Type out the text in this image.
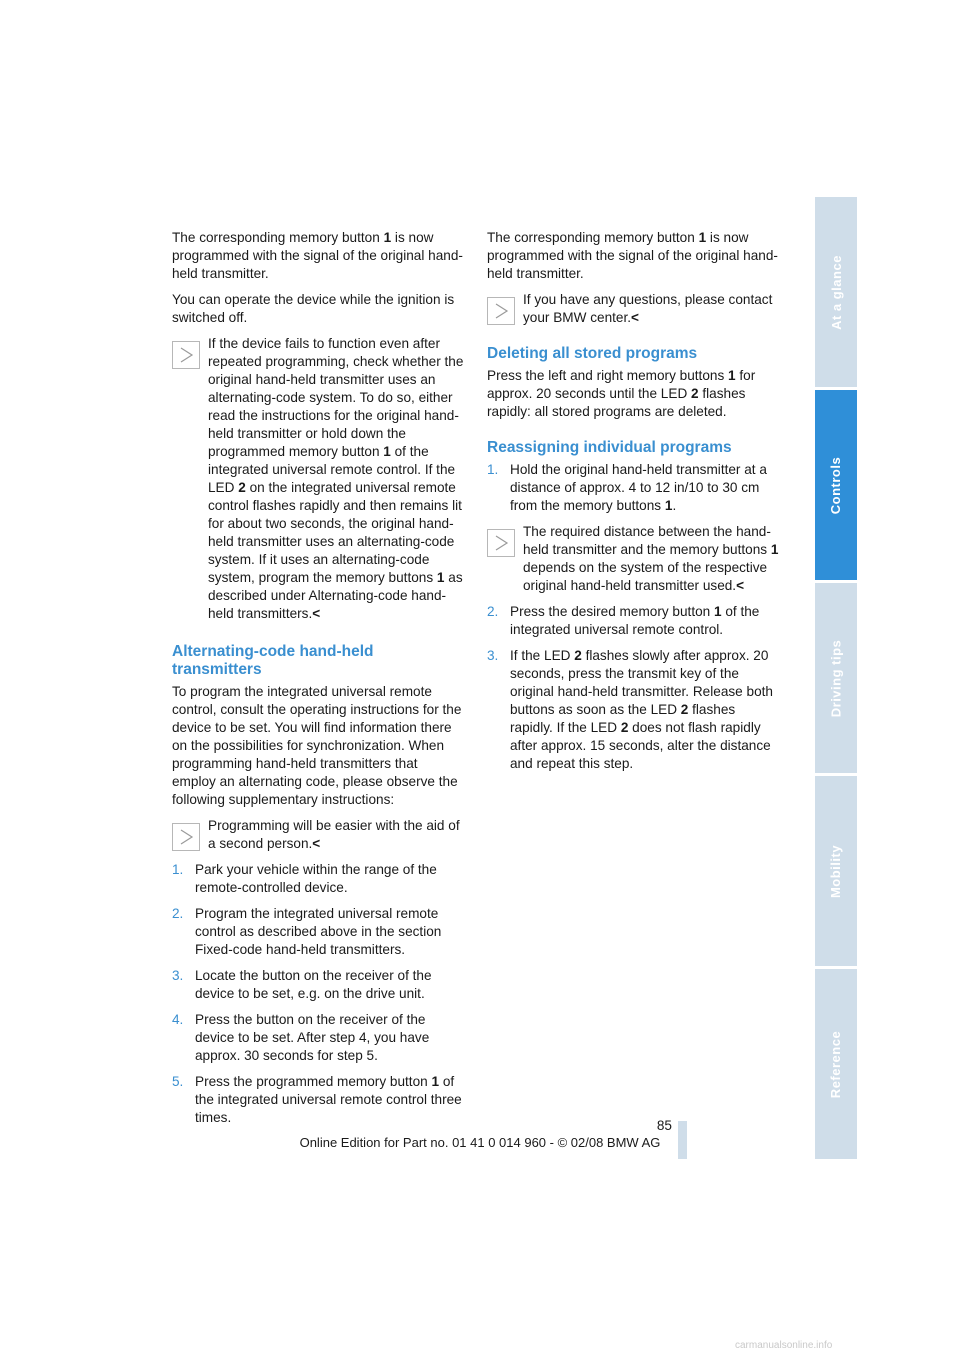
The corresponding memory button 1 is now programmed with the signal of the original hand-held transmitter.

You can operate the device while the ignition is switched off.

If the device fails to function even after repeated programming, check whether the original hand-held transmitter uses an alternating-code system. To do so, either read the instructions for the original hand-held transmitter or hold down the programmed memory button 1 of the integrated universal remote control. If the LED 2 on the integrated universal remote control flashes rapidly and then remains lit for about two seconds, the original hand-held transmitter uses an alternating-code system. If it uses an alternating-code system, program the memory buttons 1 as described under Alternating-code hand-held transmitters.<
Alternating-code hand-held transmitters

To program the integrated universal remote control, consult the operating instructions for the device to be set. You will find information there on the possibilities for synchronization. When programming hand-held transmitters that employ an alternating code, please observe the following supplementary instructions:

Programming will be easier with the aid of a second person.<
1. Park your vehicle within the range of the remote-controlled device.
2. Program the integrated universal remote control as described above in the section Fixed-code hand-held transmitters.
3. Locate the button on the receiver of the device to be set, e.g. on the drive unit.
4. Press the button on the receiver of the device to be set. After step 4, you have approx. 30 seconds for step 5.
5. Press the programmed memory button 1 of the integrated universal remote control three times.

The corresponding memory button 1 is now programmed with the signal of the original hand-held transmitter.

If you have any questions, please contact your BMW center.<
Deleting all stored programs

Press the left and right memory buttons 1 for approx. 20 seconds until the LED 2 flashes rapidly: all stored programs are deleted.

Reassigning individual programs
1. Hold the original hand-held transmitter at a distance of approx. 4 to 12 in/10 to 30 cm from the memory buttons 1.
The required distance between the hand-held transmitter and the memory buttons 1 depends on the system of the respective original hand-held transmitter used.<
2. Press the desired memory button 1 of the integrated universal remote control.
3. If the LED 2 flashes slowly after approx. 20 seconds, press the transmit key of the original hand-held transmitter. Release both buttons as soon as the LED 2 flashes rapidly. If the LED 2 does not flash rapidly after approx. 15 seconds, alter the distance and repeat this step.
At a glance
Controls
Driving tips
Mobility
Reference
85
Online Edition for Part no. 01 41 0 014 960 - © 02/08 BMW AG
carmanualsonline.info
